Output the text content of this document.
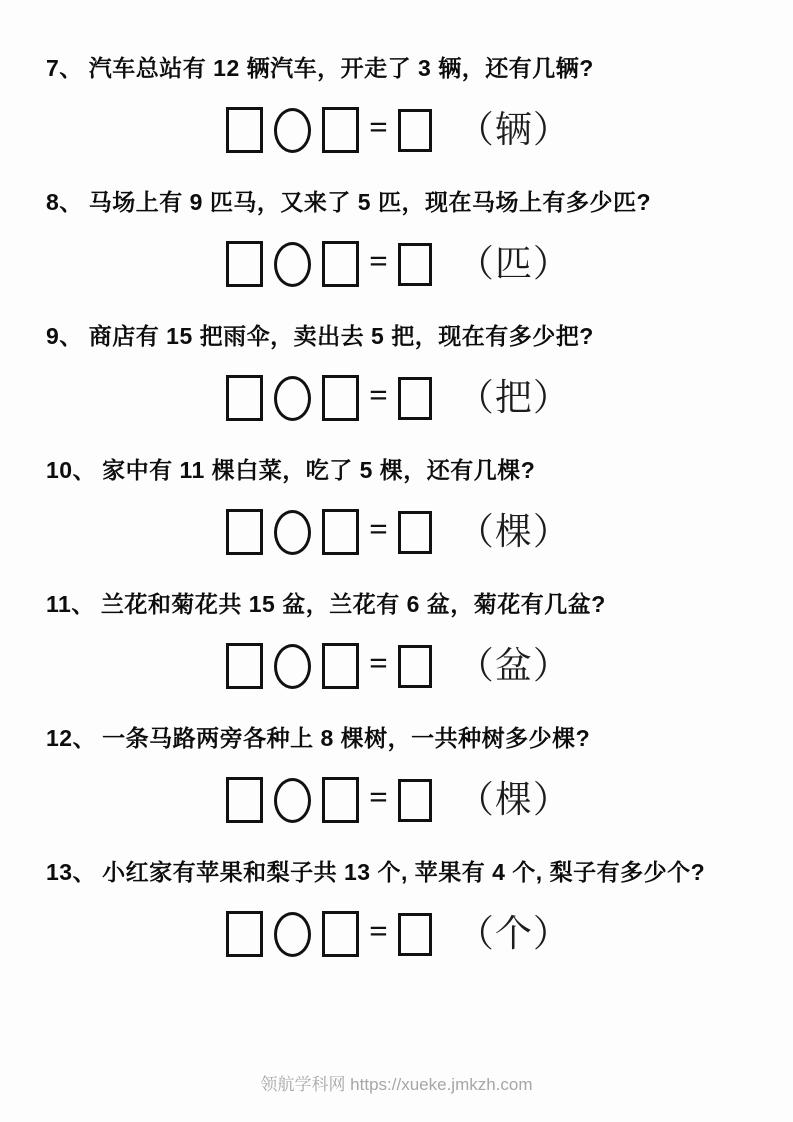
7、 汽车总站有 12 辆汽车，开走了 3 辆，还有几辆?
= （辆）
8、 马场上有 9 匹马，又来了 5 匹，现在马场上有多少匹?
= （匹）
9、 商店有 15 把雨伞，卖出去 5 把，现在有多少把?
= （把）
10、 家中有 11 棵白菜，吃了 5 棵，还有几棵?
= （棵）
11、 兰花和菊花共 15 盆，兰花有 6 盆，菊花有几盆?
= （盆）
12、 一条马路两旁各种上 8 棵树，一共种树多少棵?
= （棵）
13、 小红家有苹果和梨子共 13 个, 苹果有 4 个, 梨子有多少个?
= （个）
领航学科网 https://xueke.jmkzh.com
